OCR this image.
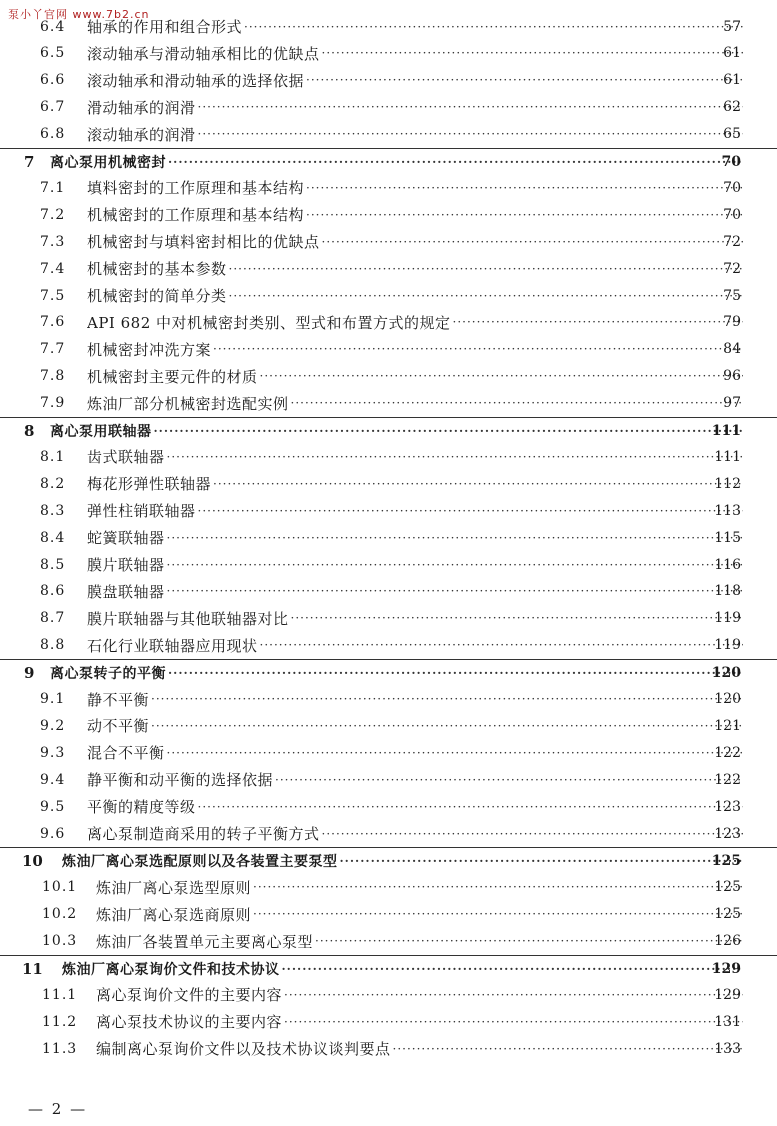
泵小丫官网 www.7b2.cn
6.4 轴承的作用和组合形式 ·····	57
6.5 滚动轴承与滑动轴承相比的优缺点 ·····	61
6.6 滚动轴承和滑动轴承的选择依据 ·····	61
6.7 滑动轴承的润滑 ·····	62
6.8 滚动轴承的润滑 ·····	65
7 离心泵用机械密封 ·····	70
7.1 填料密封的工作原理和基本结构 ·····	70
7.2 机械密封的工作原理和基本结构 ·····	70
7.3 机械密封与填料密封相比的优缺点 ·····	72
7.4 机械密封的基本参数 ·····	72
7.5 机械密封的简单分类 ·····	75
7.6 API 682 中对机械密封类别、型式和布置方式的规定 ·····	79
7.7 机械密封冲洗方案 ·····	84
7.8 机械密封主要元件的材质 ·····	96
7.9 炼油厂部分机械密封选配实例 ·····	97
8 离心泵用联轴器 ·····	111
8.1 齿式联轴器 ·····	111
8.2 梅花形弹性联轴器 ·····	112
8.3 弹性柱销联轴器 ·····	113
8.4 蛇簧联轴器 ·····	115
8.5 膜片联轴器 ·····	116
8.6 膜盘联轴器 ·····	118
8.7 膜片联轴器与其他联轴器对比 ·····	119
8.8 石化行业联轴器应用现状 ·····	119
9 离心泵转子的平衡 ·····	120
9.1 静不平衡 ·····	120
9.2 动不平衡 ·····	121
9.3 混合不平衡 ·····	122
9.4 静平衡和动平衡的选择依据 ·····	122
9.5 平衡的精度等级 ·····	123
9.6 离心泵制造商采用的转子平衡方式 ·····	123
10 炼油厂离心泵选配原则以及各装置主要泵型 ·····	125
10.1 炼油厂离心泵选型原则 ·····	125
10.2 炼油厂离心泵选商原则 ·····	125
10.3 炼油厂各装置单元主要离心泵型 ·····	126
11 炼油厂离心泵询价文件和技术协议 ·····	129
11.1 离心泵询价文件的主要内容 ·····	129
11.2 离心泵技术协议的主要内容 ·····	131
11.3 编制离心泵询价文件以及技术协议谈判要点 ·····	133
— 2 —
